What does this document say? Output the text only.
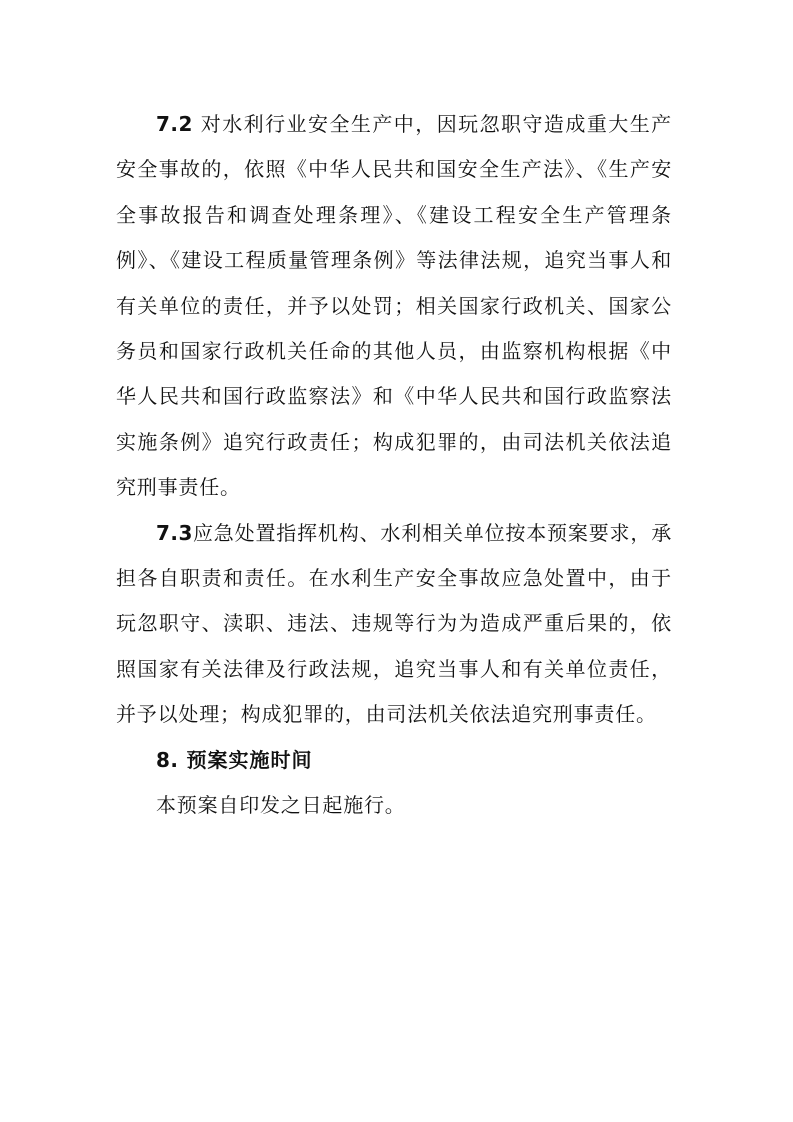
7.2 对水利行业安全生产中，因玩忽职守造成重大生产安全事故的，依照《中华人民共和国安全生产法》、《生产安全事故报告和调查处理条理》、《建设工程安全生产管理条例》、《建设工程质量管理条例》等法律法规，追究当事人和有关单位的责任，并予以处罚；相关国家行政机关、国家公务员和国家行政机关任命的其他人员，由监察机构根据《中华人民共和国行政监察法》和《中华人民共和国行政监察法实施条例》追究行政责任；构成犯罪的，由司法机关依法追究刑事责任。

7.3应急处置指挥机构、水利相关单位按本预案要求，承担各自职责和责任。在水利生产安全事故应急处置中，由于玩忽职守、渎职、违法、违规等行为为造成严重后果的，依照国家有关法律及行政法规，追究当事人和有关单位责任，并予以处理；构成犯罪的，由司法机关依法追究刑事责任。

8. 预案实施时间

本预案自印发之日起施行。
